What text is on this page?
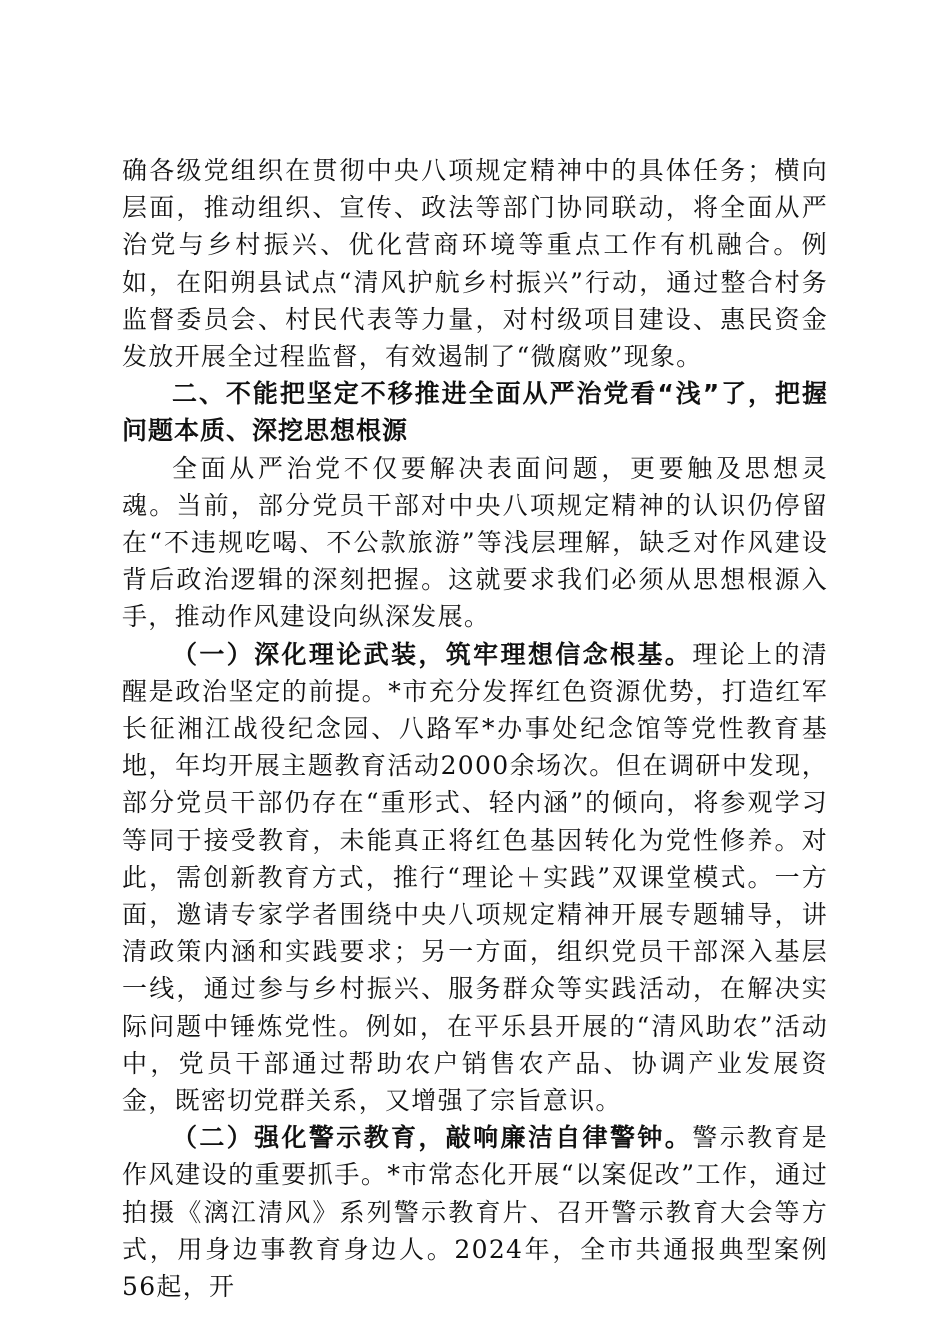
确各级党组织在贯彻中央八项规定精神中的具体任务；横向层面，推动组织、宣传、政法等部门协同联动，将全面从严治党与乡村振兴、优化营商环境等重点工作有机融合。例如，在阳朔县试点“清风护航乡村振兴”行动，通过整合村务监督委员会、村民代表等力量，对村级项目建设、惠民资金发放开展全过程监督，有效遏制了“微腐败”现象。

二、不能把坚定不移推进全面从严治党看“浅”了，把握问题本质、深挖思想根源

全面从严治党不仅要解决表面问题，更要触及思想灵魂。当前，部分党员干部对中央八项规定精神的认识仍停留在“不违规吃喝、不公款旅游”等浅层理解，缺乏对作风建设背后政治逻辑的深刻把握。这就要求我们必须从思想根源入手，推动作风建设向纵深发展。

（一）深化理论武装，筑牢理想信念根基。理论上的清醒是政治坚定的前提。*市充分发挥红色资源优势，打造红军长征湘江战役纪念园、八路军*办事处纪念馆等党性教育基地，年均开展主题教育活动2000余场次。但在调研中发现，部分党员干部仍存在“重形式、轻内涵”的倾向，将参观学习等同于接受教育，未能真正将红色基因转化为党性修养。对此，需创新教育方式，推行“理论＋实践”双课堂模式。一方面，邀请专家学者围绕中央八项规定精神开展专题辅导，讲清政策内涵和实践要求；另一方面，组织党员干部深入基层一线，通过参与乡村振兴、服务群众等实践活动，在解决实际问题中锤炼党性。例如，在平乐县开展的“清风助农”活动中，党员干部通过帮助农户销售农产品、协调产业发展资金，既密切党群关系，又增强了宗旨意识。

（二）强化警示教育，敲响廉洁自律警钟。警示教育是作风建设的重要抓手。*市常态化开展“以案促改”工作，通过拍摄《漓江清风》系列警示教育片、召开警示教育大会等方式，用身边事教育身边人。2024年，全市共通报典型案例56起，开
